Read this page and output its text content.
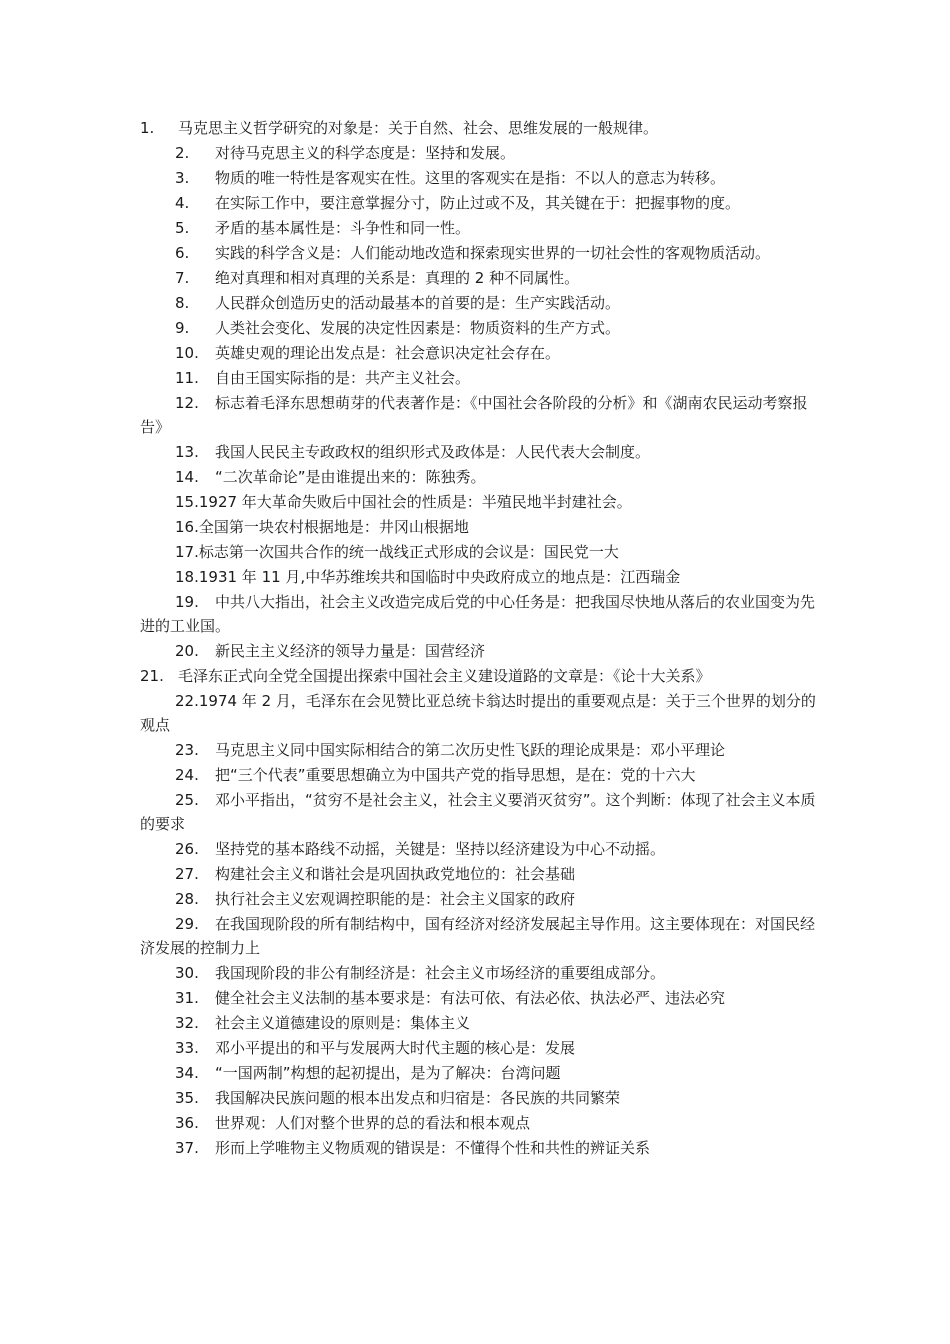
1. 马克思主义哲学研究的对象是：关于自然、社会、思维发展的一般规律。
2. 对待马克思主义的科学态度是：坚持和发展。
3. 物质的唯一特性是客观实在性。这里的客观实在是指：不以人的意志为转移。
4. 在实际工作中，要注意掌握分寸，防止过或不及，其关键在于：把握事物的度。
5. 矛盾的基本属性是：斗争性和同一性。
6. 实践的科学含义是：人们能动地改造和探索现实世界的一切社会性的客观物质活动。
7. 绝对真理和相对真理的关系是：真理的 2 种不同属性。
8. 人民群众创造历史的活动最基本的首要的是：生产实践活动。
9. 人类社会变化、发展的决定性因素是：物质资料的生产方式。
10. 英雄史观的理论出发点是：社会意识决定社会存在。
11. 自由王国实际指的是：共产主义社会。
12. 标志着毛泽东思想萌芽的代表著作是：《中国社会各阶段的分析》和《湖南农民运动考察报告》
13. 我国人民民主专政政权的组织形式及政体是：人民代表大会制度。
14. “二次革命论”是由谁提出来的：陈独秀。
15.1927 年大革命失败后中国社会的性质是：半殖民地半封建社会。
16.全国第一块农村根据地是：井冈山根据地
17.标志第一次国共合作的统一战线正式形成的会议是：国民党一大
18.1931 年 11 月,中华苏维埃共和国临时中央政府成立的地点是：江西瑞金
19. 中共八大指出，社会主义改造完成后党的中心任务是：把我国尽快地从落后的农业国变为先进的工业国。
20. 新民主主义经济的领导力量是：国营经济
21. 毛泽东正式向全党全国提出探索中国社会主义建设道路的文章是：《论十大关系》
22.1974 年 2 月，毛泽东在会见赞比亚总统卡翁达时提出的重要观点是：关于三个世界的划分的观点
23. 马克思主义同中国实际相结合的第二次历史性飞跃的理论成果是：邓小平理论
24. 把“三个代表”重要思想确立为中国共产党的指导思想，是在：党的十六大
25. 邓小平指出，“贫穷不是社会主义，社会主义要消灭贫穷”。这个判断：体现了社会主义本质的要求
26. 坚持党的基本路线不动摇，关键是：坚持以经济建设为中心不动摇。
27. 构建社会主义和谐社会是巩固执政党地位的：社会基础
28. 执行社会主义宏观调控职能的是：社会主义国家的政府
29. 在我国现阶段的所有制结构中，国有经济对经济发展起主导作用。这主要体现在：对国民经济发展的控制力上
30. 我国现阶段的非公有制经济是：社会主义市场经济的重要组成部分。
31. 健全社会主义法制的基本要求是：有法可依、有法必依、执法必严、违法必究
32. 社会主义道德建设的原则是：集体主义
33. 邓小平提出的和平与发展两大时代主题的核心是：发展
34. “一国两制”构想的起初提出，是为了解决：台湾问题
35. 我国解决民族问题的根本出发点和归宿是：各民族的共同繁荣
36. 世界观：人们对整个世界的总的看法和根本观点
37. 形而上学唯物主义物质观的错误是：不懂得个性和共性的辨证关系
